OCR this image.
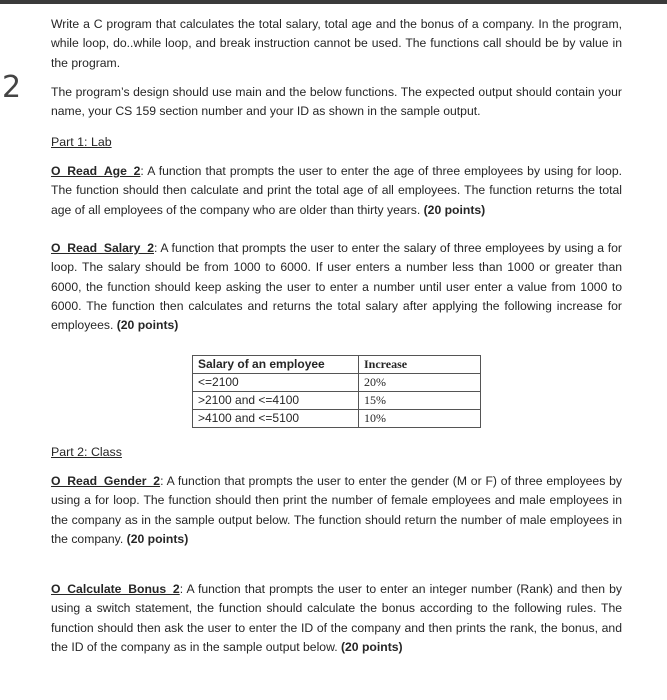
2

Write a C program that calculates the total salary, total age and the bonus of a company. In the program, while loop, do..while loop, and break instruction cannot be used. The functions call should be by value in the program.

The program’s design should use main and the below functions. The expected output should contain your name, your CS 159 section number and your ID as shown in the sample output.

Part 1: Lab

O_Read_Age_2: A function that prompts the user to enter the age of three employees by using for loop. The function should then calculate and print the total age of all employees. The function returns the total age of all employees of the company who are older than thirty years. (20 points)

O_Read_Salary_2: A function that prompts the user to enter the salary of three employees by using a for loop. The salary should be from 1000 to 6000. If user enters a number less than 1000 or greater than 6000, the function should keep asking the user to enter a number until user enter a value from 1000 to 6000. The function then calculates and returns the total salary after applying the following increase for employees. (20 points)

Salary of an employee	Increase
<=2100	20%
>2100 and <=4100	15%
>4100 and <=5100	10%

Part 2: Class

O_Read_Gender_2: A function that prompts the user to enter the gender (M or F) of three employees by using a for loop. The function should then print the number of female employees and male employees in the company as in the sample output below. The function should return the number of male employees in the company. (20 points)

O_Calculate_Bonus_2: A function that prompts the user to enter an integer number (Rank) and then by using a switch statement, the function should calculate the bonus according to the following rules. The function should then ask the user to enter the ID of the company and then prints the rank, the bonus, and the ID of the company as in the sample output below. (20 points)
